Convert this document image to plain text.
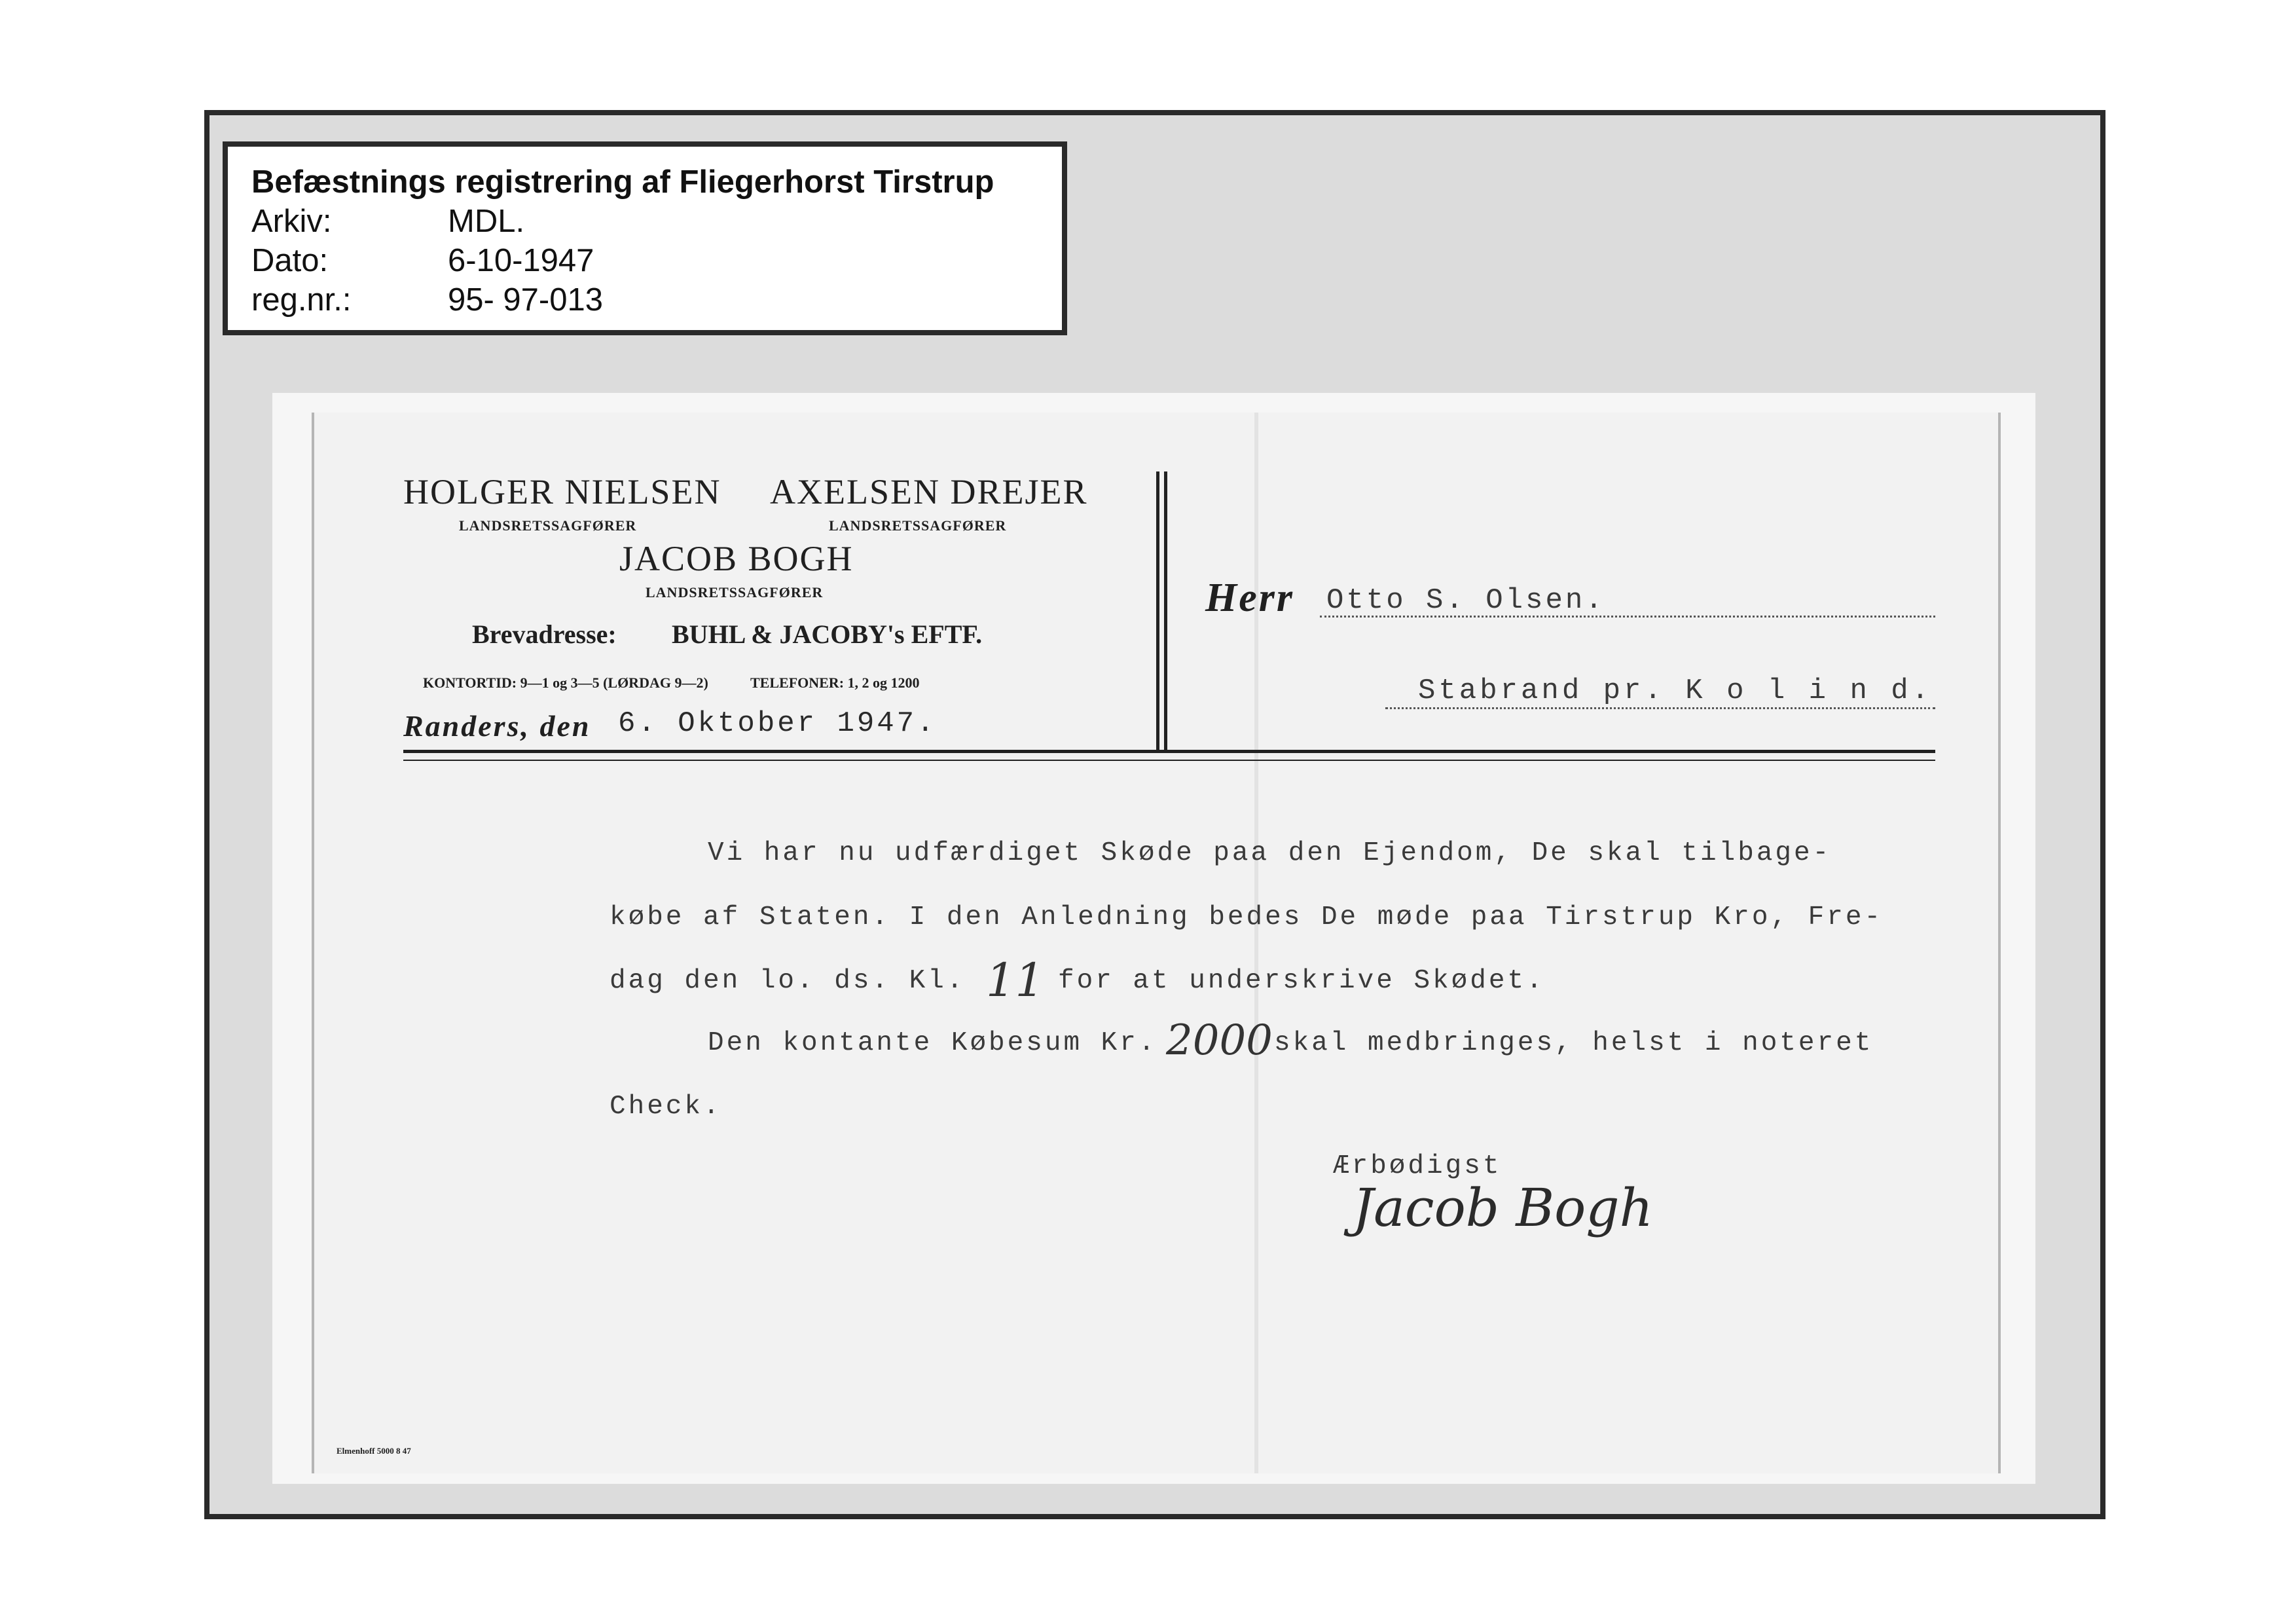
Befæstnings registrering af Fliegerhorst Tirstrup
Arkiv:	MDL.
Dato:	6-10-1947
reg.nr.:	95- 97-013
HOLGER NIELSEN
LANDSRETSSAGFØRER
AXELSEN DREJER
LANDSRETSSAGFØRER
JACOB BOGH
LANDSRETSSAGFØRER
Brevadresse: BUHL & JACOBY's EFTF.
KONTORTID: 9—1 og 3—5 (LØRDAG 9—2)	TELEFONER: 1, 2 og 1200
Randers, den 6. Oktober 1947.
Herr Otto S. Olsen.
Stabrand pr. K o l i n d.
Vi har nu udfærdiget Skøde paa den Ejendom, De skal tilbage-
købe af Staten. I den Anledning bedes De møde paa Tirstrup Kro, Fre-
dag den lo. ds. Kl. 11 for at underskrive Skødet.
Den kontante Købesum Kr. 2000 skal medbringes, helst i noteret
Check.
Ærbødigst
Jacob Bogh
Elmenhoff 5000 8 47
